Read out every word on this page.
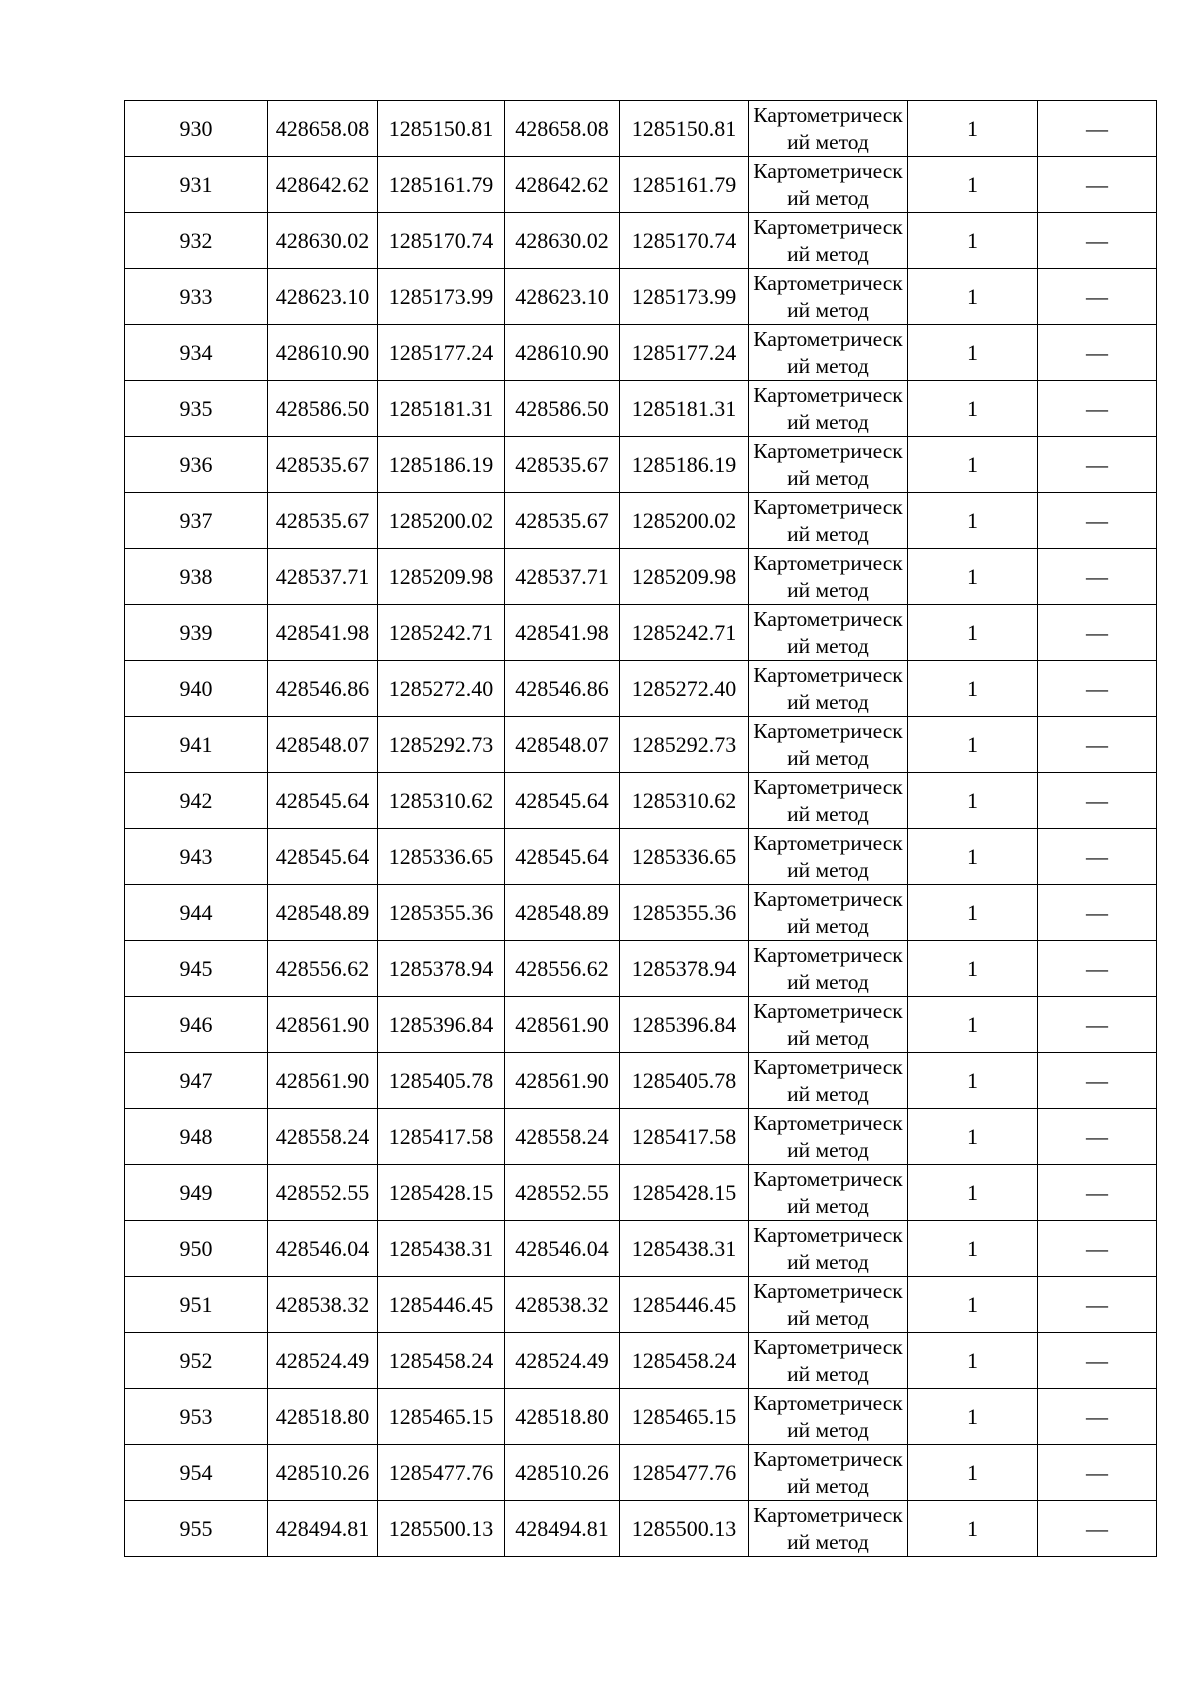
930	428658.08	1285150.81	428658.08	1285150.81	Картометрический метод	1	—
931	428642.62	1285161.79	428642.62	1285161.79	Картометрический метод	1	—
932	428630.02	1285170.74	428630.02	1285170.74	Картометрический метод	1	—
933	428623.10	1285173.99	428623.10	1285173.99	Картометрический метод	1	—
934	428610.90	1285177.24	428610.90	1285177.24	Картометрический метод	1	—
935	428586.50	1285181.31	428586.50	1285181.31	Картометрический метод	1	—
936	428535.67	1285186.19	428535.67	1285186.19	Картометрический метод	1	—
937	428535.67	1285200.02	428535.67	1285200.02	Картометрический метод	1	—
938	428537.71	1285209.98	428537.71	1285209.98	Картометрический метод	1	—
939	428541.98	1285242.71	428541.98	1285242.71	Картометрический метод	1	—
940	428546.86	1285272.40	428546.86	1285272.40	Картометрический метод	1	—
941	428548.07	1285292.73	428548.07	1285292.73	Картометрический метод	1	—
942	428545.64	1285310.62	428545.64	1285310.62	Картометрический метод	1	—
943	428545.64	1285336.65	428545.64	1285336.65	Картометрический метод	1	—
944	428548.89	1285355.36	428548.89	1285355.36	Картометрический метод	1	—
945	428556.62	1285378.94	428556.62	1285378.94	Картометрический метод	1	—
946	428561.90	1285396.84	428561.90	1285396.84	Картометрический метод	1	—
947	428561.90	1285405.78	428561.90	1285405.78	Картометрический метод	1	—
948	428558.24	1285417.58	428558.24	1285417.58	Картометрический метод	1	—
949	428552.55	1285428.15	428552.55	1285428.15	Картометрический метод	1	—
950	428546.04	1285438.31	428546.04	1285438.31	Картометрический метод	1	—
951	428538.32	1285446.45	428538.32	1285446.45	Картометрический метод	1	—
952	428524.49	1285458.24	428524.49	1285458.24	Картометрический метод	1	—
953	428518.80	1285465.15	428518.80	1285465.15	Картометрический метод	1	—
954	428510.26	1285477.76	428510.26	1285477.76	Картометрический метод	1	—
955	428494.81	1285500.13	428494.81	1285500.13	Картометрический метод	1	—
